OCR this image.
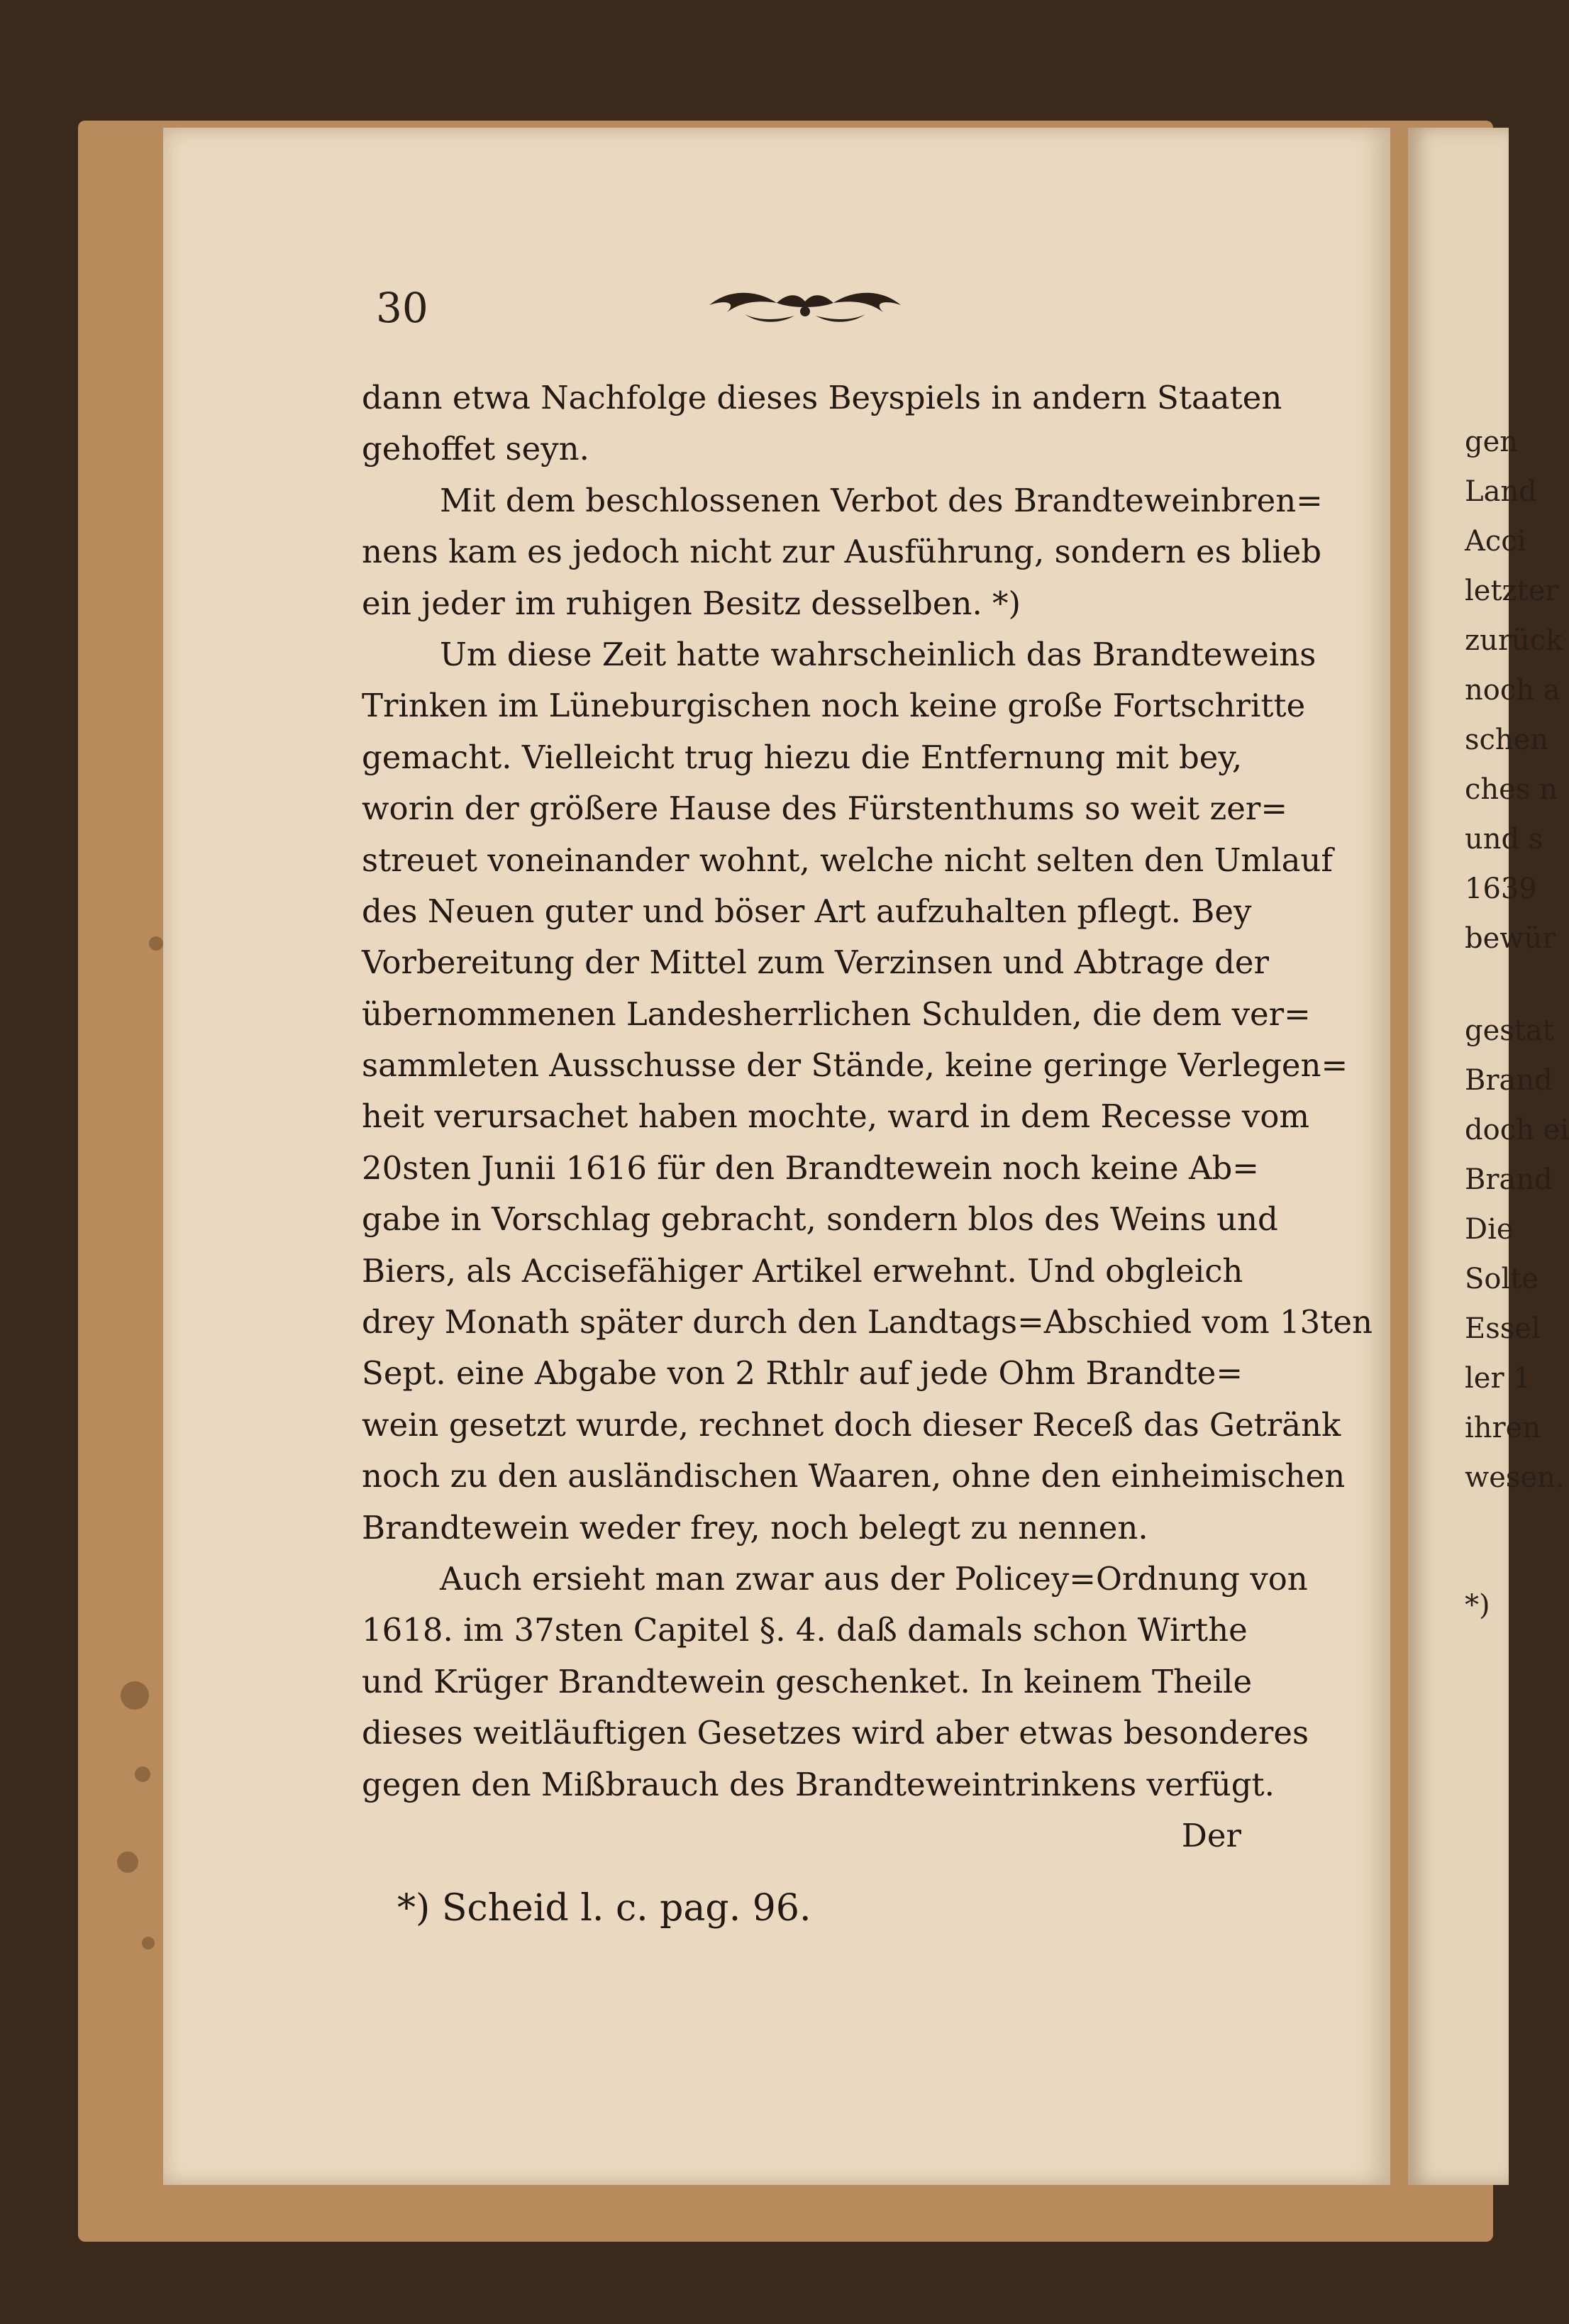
gen
Land
Acci
letzter
zurück
noch a
schen
ches n
und s
1639
bewür
gestat
Brand
doch ei
Brand
Die
Solte
Essel
ler 1
ihren
wesen.
*)
30
dann etwa Nachfolge dieses Beyspiels in andern Staaten
gehoffet seyn.
Mit dem beschlossenen Verbot des Brandteweinbren=
nens kam es jedoch nicht zur Ausführung, sondern es blieb
ein jeder im ruhigen Besitz desselben. *)
Um diese Zeit hatte wahrscheinlich das Brandteweins
Trinken im Lüneburgischen noch keine große Fortschritte
gemacht. Vielleicht trug hiezu die Entfernung mit bey,
worin der größere Hause des Fürstenthums so weit zer=
streuet voneinander wohnt, welche nicht selten den Umlauf
des Neuen guter und böser Art aufzuhalten pflegt. Bey
Vorbereitung der Mittel zum Verzinsen und Abtrage der
übernommenen Landesherrlichen Schulden, die dem ver=
sammleten Ausschusse der Stände, keine geringe Verlegen=
heit verursachet haben mochte, ward in dem Recesse vom
20sten Junii 1616 für den Brandtewein noch keine Ab=
gabe in Vorschlag gebracht, sondern blos des Weins und
Biers, als Accisefähiger Artikel erwehnt. Und obgleich
drey Monath später durch den Landtags=Abschied vom 13ten
Sept. eine Abgabe von 2 Rthlr auf jede Ohm Brandte=
wein gesetzt wurde, rechnet doch dieser Receß das Getränk
noch zu den ausländischen Waaren, ohne den einheimischen
Brandtewein weder frey, noch belegt zu nennen.
Auch ersieht man zwar aus der Policey=Ordnung von
1618. im 37sten Capitel §. 4. daß damals schon Wirthe
und Krüger Brandtewein geschenket. In keinem Theile
dieses weitläuftigen Gesetzes wird aber etwas besonderes
gegen den Mißbrauch des Brandteweintrinkens verfügt.
Der
*) Scheid l. c. pag. 96.
